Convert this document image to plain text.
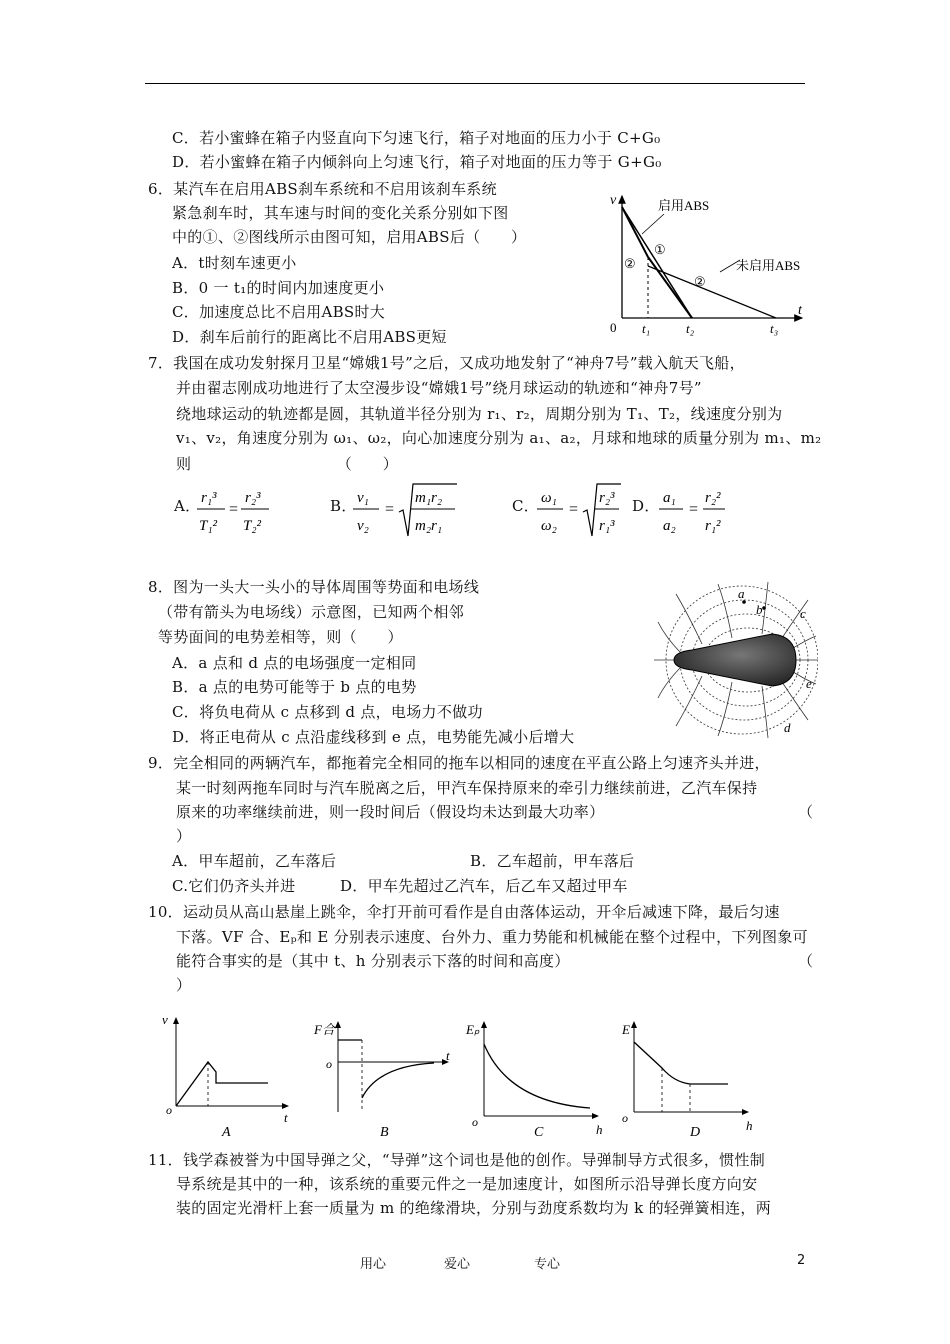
C．若小蜜蜂在箱子内竖直向下匀速飞行，箱子对地面的压力小于 C+G₀
D．若小蜜蜂在箱子内倾斜向上匀速飞行，箱子对地面的压力等于 G+G₀
6．某汽车在启用ABS刹车系统和不启用该刹车系统
紧急刹车时，其车速与时间的变化关系分别如下图
中的①、②图线所示由图可知，启用ABS后（　　）
A．t时刻车速更小
B．0 一 t₁的时间内加速度更小
C．加速度总比不启用ABS时大
D．刹车后前行的距离比不启用ABS更短
v
t
0 t₁	t₂	t₃
启用ABS
未启用ABS
①
②
②
7．我国在成功发射探月卫星“嫦娥1号”之后，又成功地发射了“神舟7号”载入航天飞船，
并由翟志刚成功地进行了太空漫步设“嫦娥1号”绕月球运动的轨迹和“神舟7号”
绕地球运动的轨迹都是圆，其轨道半径分别为 r₁、r₂，周期分别为 T₁、T₂，线速度分别为
v₁、v₂，角速度分别为 ω₁、ω₂，向心加速度分别为 a₁、a₂，月球和地球的质量分别为 m₁、m₂
则　　　　　　　　　　（　　）
A．	B．	C．	D．
r₁³
T₁²
=
r₂³
T₂²
v₁
v₂
=
m₁r₂
m₂r₁
ω₁
ω₂
=
r₂³
r₁³
a₁
a₂
=
r₂²
r₁²
8．图为一头大一头小的导体周围等势面和电场线
（带有箭头为电场线）示意图，已知两个相邻
等势面间的电势差相等，则（　　）
A．a 点和 d 点的电场强度一定相同
B．a 点的电势可能等于 b 点的电势
C．将负电荷从 c 点移到 d 点，电场力不做功
D．将正电荷从 c 点沿虚线移到 e 点，电势能先减小后增大
a
b	c
e
d
9．完全相同的两辆汽车，都拖着完全相同的拖车以相同的速度在平直公路上匀速齐头并进，
某一时刻两拖车同时与汽车脱离之后，甲汽车保持原来的牵引力继续前进，乙汽车保持
原来的功率继续前进，则一段时间后（假设均未达到最大功率）	（
）
A．甲车超前，乙车落后	B．乙车超前，甲车落后
C.它们仍齐头并进	D．甲车先超过乙汽车，后乙车又超过甲车
10．运动员从高山悬崖上跳伞，伞打开前可看作是自由落体运动，开伞后减速下降，最后匀速
下落。VF 合、Eₚ和 E 分别表示速度、台外力、重力势能和机械能在整个过程中，下列图象可
能符合事实的是（其中 t、h 分别表示下落的时间和高度）	（
）
v
t
o
A
F合
t
o
B
Eₚ
h
o
C
E
h
o
D
11．钱学森被誉为中国导弹之父，“导弹”这个词也是他的创作。导弹制导方式很多，惯性制
导系统是其中的一种，该系统的重要元件之一是加速度计，如图所示沿导弹长度方向安
装的固定光滑杆上套一质量为 m 的绝缘滑块，分别与劲度系数均为 k 的轻弹簧相连，两
用心	爱心	专心	2
